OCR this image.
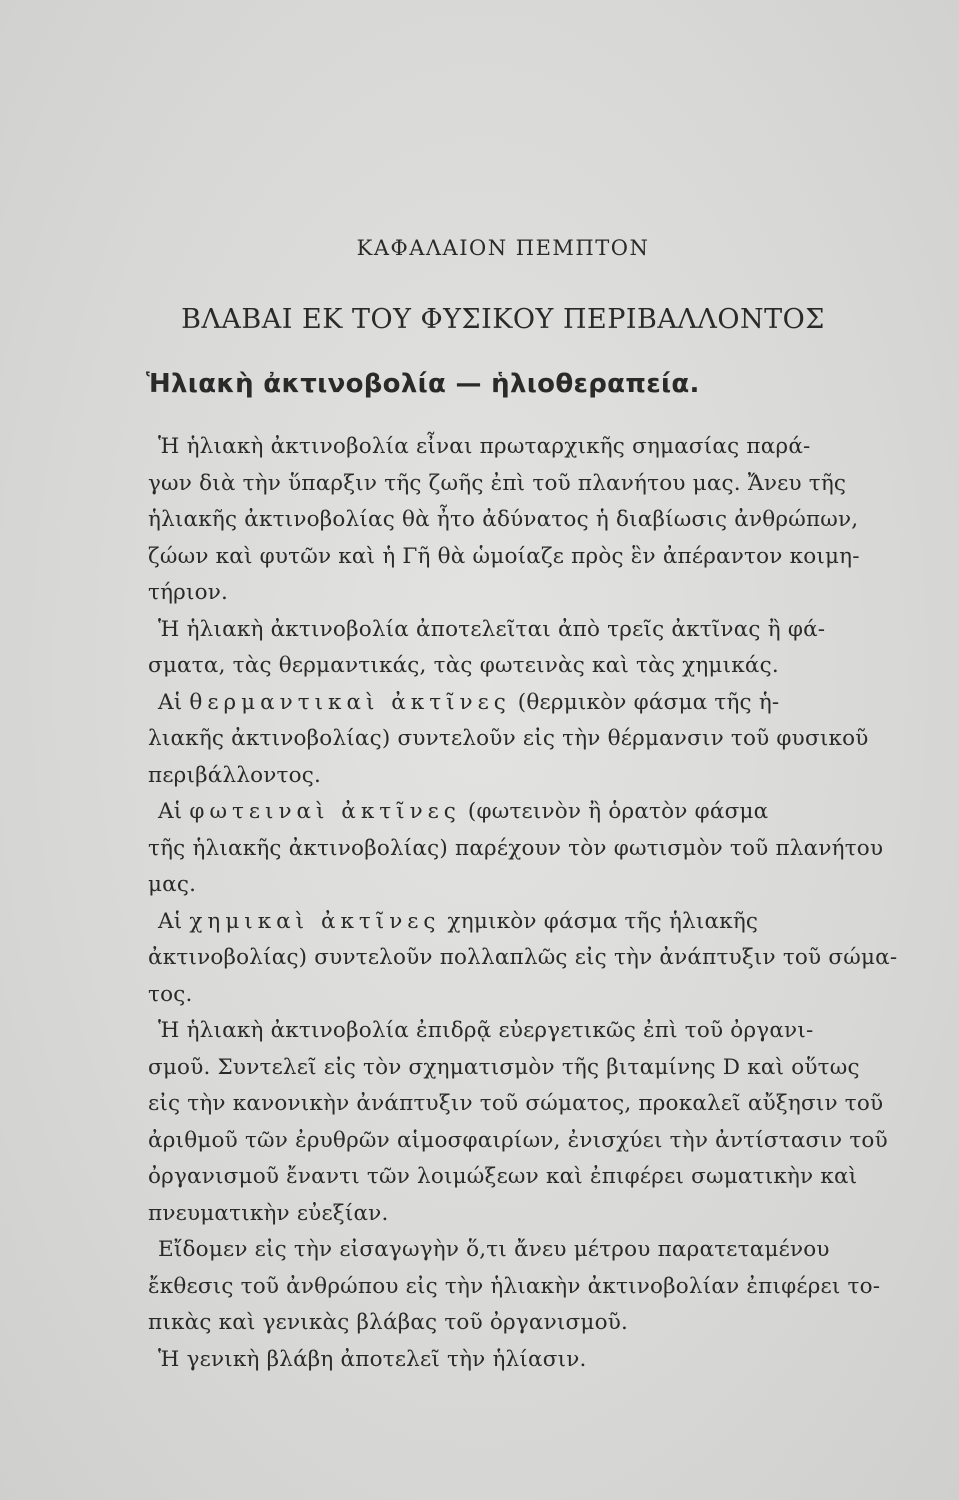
ΚΑΦΑΛΑΙΟΝ ΠΕΜΠΤΟΝ
ΒΛΑΒΑΙ ΕΚ ΤΟΥ ΦΥΣΙΚΟΥ ΠΕΡΙΒΑΛΛΟΝΤΟΣ
Ἡλιακὴ ἀκτινοβολία — ἡλιοθεραπεία.
Ἡ ἡλιακὴ ἀκτινοβολία εἶναι πρωταρχικῆς σημασίας παρά-
γων διὰ τὴν ὕπαρξιν τῆς ζωῆς ἐπὶ τοῦ πλανήτου μας. Ἄνευ τῆς
ἡλιακῆς ἀκτινοβολίας θὰ ἦτο ἀδύνατος ἡ διαβίωσις ἀνθρώπων,
ζώων καὶ φυτῶν καὶ ἡ Γῆ θὰ ὡμοίαζε πρὸς ἓν ἀπέραντον κοιμη-
τήριον.
Ἡ ἡλιακὴ ἀκτινοβολία ἀποτελεῖται ἀπὸ τρεῖς ἀκτῖνας ἢ φά-
σματα, τὰς θερμαντικάς, τὰς φωτεινὰς καὶ τὰς χημικάς.
Αἱ θερμαντικαὶ ἀκτῖνες (θερμικὸν φάσμα τῆς ἡ-
λιακῆς ἀκτινοβολίας) συντελοῦν εἰς τὴν θέρμανσιν τοῦ φυσικοῦ
περιβάλλοντος.
Αἱ φωτειναὶ ἀκτῖνες (φωτεινὸν ἢ ὁρατὸν φάσμα
τῆς ἡλιακῆς ἀκτινοβολίας) παρέχουν τὸν φωτισμὸν τοῦ πλανήτου
μας.
Αἱ χημικαὶ ἀκτῖνες χημικὸν φάσμα τῆς ἡλιακῆς
ἀκτινοβολίας) συντελοῦν πολλαπλῶς εἰς τὴν ἀνάπτυξιν τοῦ σώμα-
τος.
Ἡ ἡλιακὴ ἀκτινοβολία ἐπιδρᾷ εὐεργετικῶς ἐπὶ τοῦ ὀργανι-
σμοῦ. Συντελεῖ εἰς τὸν σχηματισμὸν τῆς βιταμίνης D καὶ οὕτως
εἰς τὴν κανονικὴν ἀνάπτυξιν τοῦ σώματος, προκαλεῖ αὔξησιν τοῦ
ἀριθμοῦ τῶν ἐρυθρῶν αἱμοσφαιρίων, ἐνισχύει τὴν ἀντίστασιν τοῦ
ὀργανισμοῦ ἔναντι τῶν λοιμώξεων καὶ ἐπιφέρει σωματικὴν καὶ
πνευματικὴν εὐεξίαν.
Εἴδομεν εἰς τὴν εἰσαγωγὴν ὅ,τι ἄνευ μέτρου παρατεταμένου
ἔκθεσις τοῦ ἀνθρώπου εἰς τὴν ἡλιακὴν ἀκτινοβολίαν ἐπιφέρει το-
πικὰς καὶ γενικὰς βλάβας τοῦ ὀργανισμοῦ.
Ἡ γενικὴ βλάβη ἀποτελεῖ τὴν ἡλίασιν.
